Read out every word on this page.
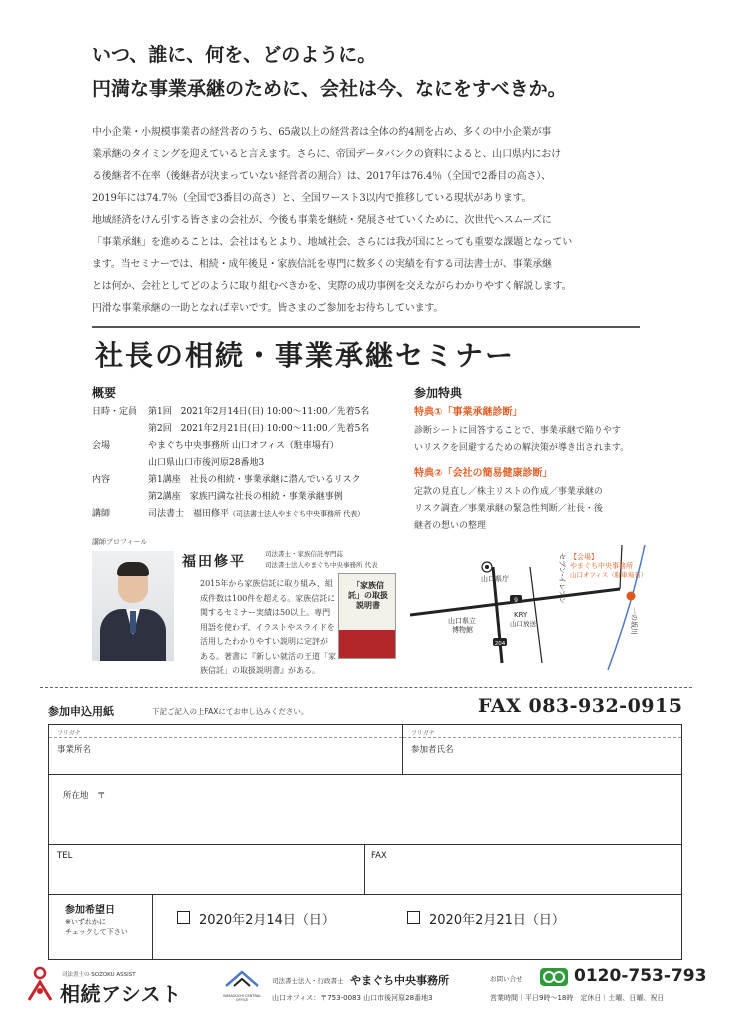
いつ、誰に、何を、どのように。
円満な事業承継のために、会社は今、なにをすべきか。

中小企業・小規模事業者の経営者のうち、65歳以上の経営者は全体の約4割を占め、多くの中小企業が事

業承継のタイミングを迎えていると言えます。さらに、帝国データバンクの資料によると、山口県内におけ

る後継者不在率（後継者が決まっていない経営者の割合）は、2017年は76.4％（全国で2番目の高さ）、

2019年には74.7％（全国で3番目の高さ）と、全国ワースト3以内で推移している現状があります。

地域経済をけん引する皆さまの会社が、今後も事業を継続・発展させていくために、次世代へスムーズに

「事業承継」を進めることは、会社はもとより、地域社会、さらには我が国にとっても重要な課題となってい

ます。当セミナーでは、相続・成年後見・家族信託を専門に数多くの実績を有する司法書士が、事業承継

とは何か、会社としてどのように取り組むべきかを、実際の成功事例を交えながらわかりやすく解説します。

円滑な事業承継の一助となれば幸いです。皆さまのご参加をお待ちしています。

社長の相続・事業承継セミナー
概要
日時・定員	第1回　2021年2月14日(日) 10:00～11:00／先着5名
第2回　2021年2月21日(日) 10:00～11:00／先着5名
会場	やまぐち中央事務所 山口オフィス（駐車場有）
山口県山口市後河原28番地3
内容	第1講座　社長の相続・事業承継に潜んでいるリスク
第2講座　家族円満な社長の相続・事業承継事例
講師	司法書士　福田修平（司法書士法人やまぐち中央事務所 代表）
参加特典
特典①「事業承継診断」
診断シートに回答することで、事業承継で陥りやす
いリスクを回避するための解決策が導き出されます。
特典②「会社の簡易健康診断」
定款の見直し／株主リストの作成／事業承継の
リスク調査／事業承継の緊急性判断／社長・後
継者の想いの整理
講師プロフィール
福田修平	司法書士・家族信託専門誌
司法書士法人やまぐち中央事務所 代表
2015年から家族信託に取り組み、組
成件数は100件を超える。家族信託に
関するセミナー実績は50以上。専門
用語を使わず、イラストやスライドを
活用したわかりやすい説明に定評が
ある。著書に『新しい就活の王道「家
族信託」の取扱説明書』がある。
「家族信託」の取扱説明書	9
204
山口県庁	セブン-イレブン 【会場】
やまぐち中央事務所
山口オフィス（駐車場有）
KRY
山口放送
山口県立
博物館	一の坂川
参加申込用紙	下記ご記入の上FAXにてお申し込みください。	FAX 083-932-0915
フリガナ
事業所名
フリガナ
参加者氏名
所在地　〒
TEL	FAX
参加希望日
※いずれかに
チェックして下さい
2020年2月14日（日）	2020年2月21日（日）
司法書士の SOZOKU ASSIST
相続アシスト	YAMAGUCHI CENTRAL OFFICE
司法書士法人・行政書士 やまぐち中央事務所
山口オフィス：〒753-0083 山口市後河原28番地3
お問い合せ	0120-753-793
営業時間｜平日9時～18時　定休日｜土曜、日曜、祝日
